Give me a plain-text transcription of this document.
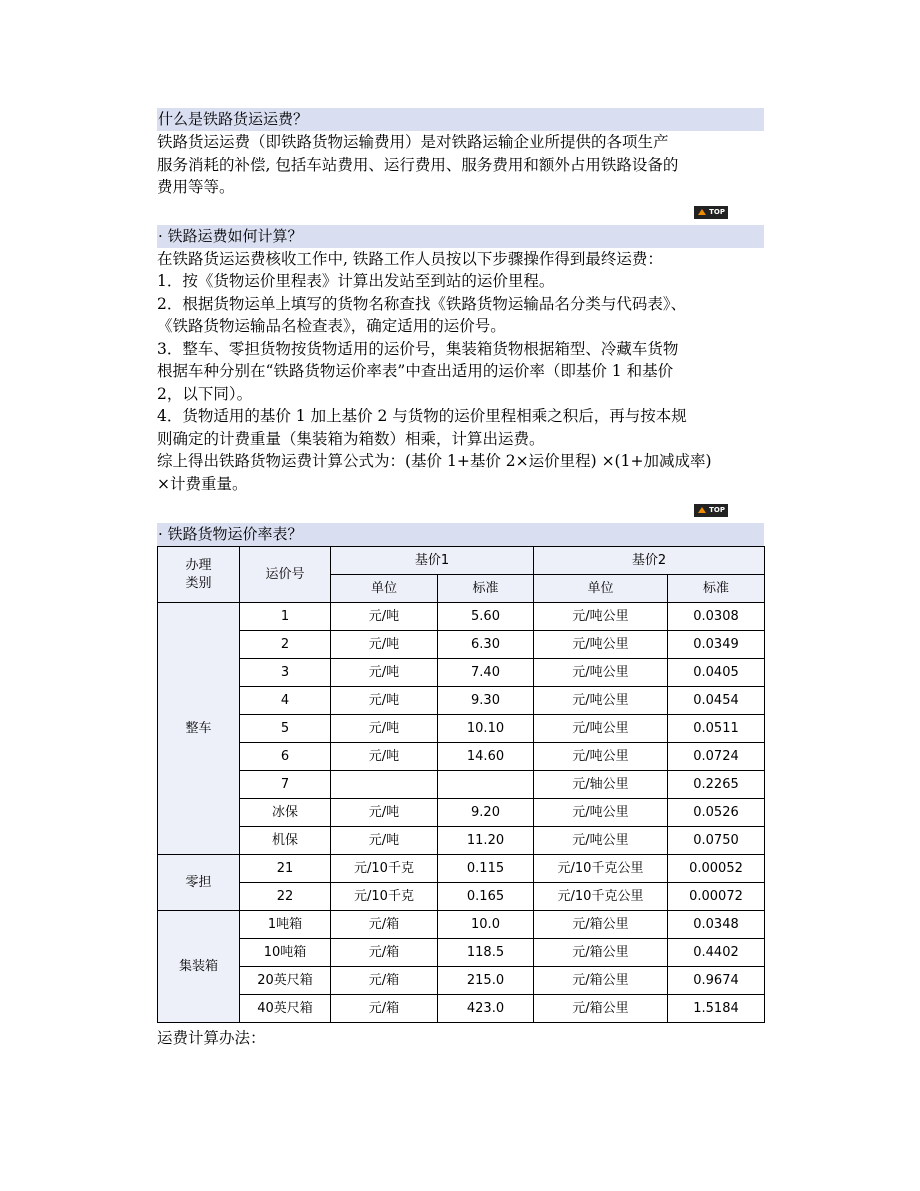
什么是铁路货运运费？

铁路货运运费（即铁路货物运输费用）是对铁路运输企业所提供的各项生产

服务消耗的补偿, 包括车站费用、运行费用、服务费用和额外占用铁路设备的

费用等等。

TOP
· 铁路运费如何计算？

在铁路货运运费核收工作中, 铁路工作人员按以下步骤操作得到最终运费：

1．按《货物运价里程表》计算出发站至到站的运价里程。

2．根据货物运单上填写的货物名称查找《铁路货物运输品名分类与代码表》、

《铁路货物运输品名检查表》，确定适用的运价号。

3．整车、零担货物按货物适用的运价号，集装箱货物根据箱型、冷藏车货物

根据车种分别在“铁路货物运价率表”中查出适用的运价率（即基价 1 和基价

2，以下同）。

4．货物适用的基价 1 加上基价 2 与货物的运价里程相乘之积后，再与按本规

则确定的计费重量（集装箱为箱数）相乘，计算出运费。

综上得出铁路货物运费计算公式为：(基价 1+基价 2×运价里程) ×(1+加减成率)

×计费重量。

TOP
· 铁路货物运价率表？
办理
类别	运价号	基价1		基价2	
		单位	标准	单位	标准
整车	1	元/吨	5.60	元/吨公里	0.0308
	2	元/吨	6.30	元/吨公里	0.0349
	3	元/吨	7.40	元/吨公里	0.0405
	4	元/吨	9.30	元/吨公里	0.0454
	5	元/吨	10.10	元/吨公里	0.0511
	6	元/吨	14.60	元/吨公里	0.0724
	7			元/轴公里	0.2265
	冰保	元/吨	9.20	元/吨公里	0.0526
	机保	元/吨	11.20	元/吨公里	0.0750
零担	21	元/10千克	0.115	元/10千克公里	0.00052
	22	元/10千克	0.165	元/10千克公里	0.00072
集装箱	1吨箱	元/箱	10.0	元/箱公里	0.0348
	10吨箱	元/箱	118.5	元/箱公里	0.4402
	20英尺箱	元/箱	215.0	元/箱公里	0.9674
	40英尺箱	元/箱	423.0	元/箱公里	1.5184
运费计算办法：
